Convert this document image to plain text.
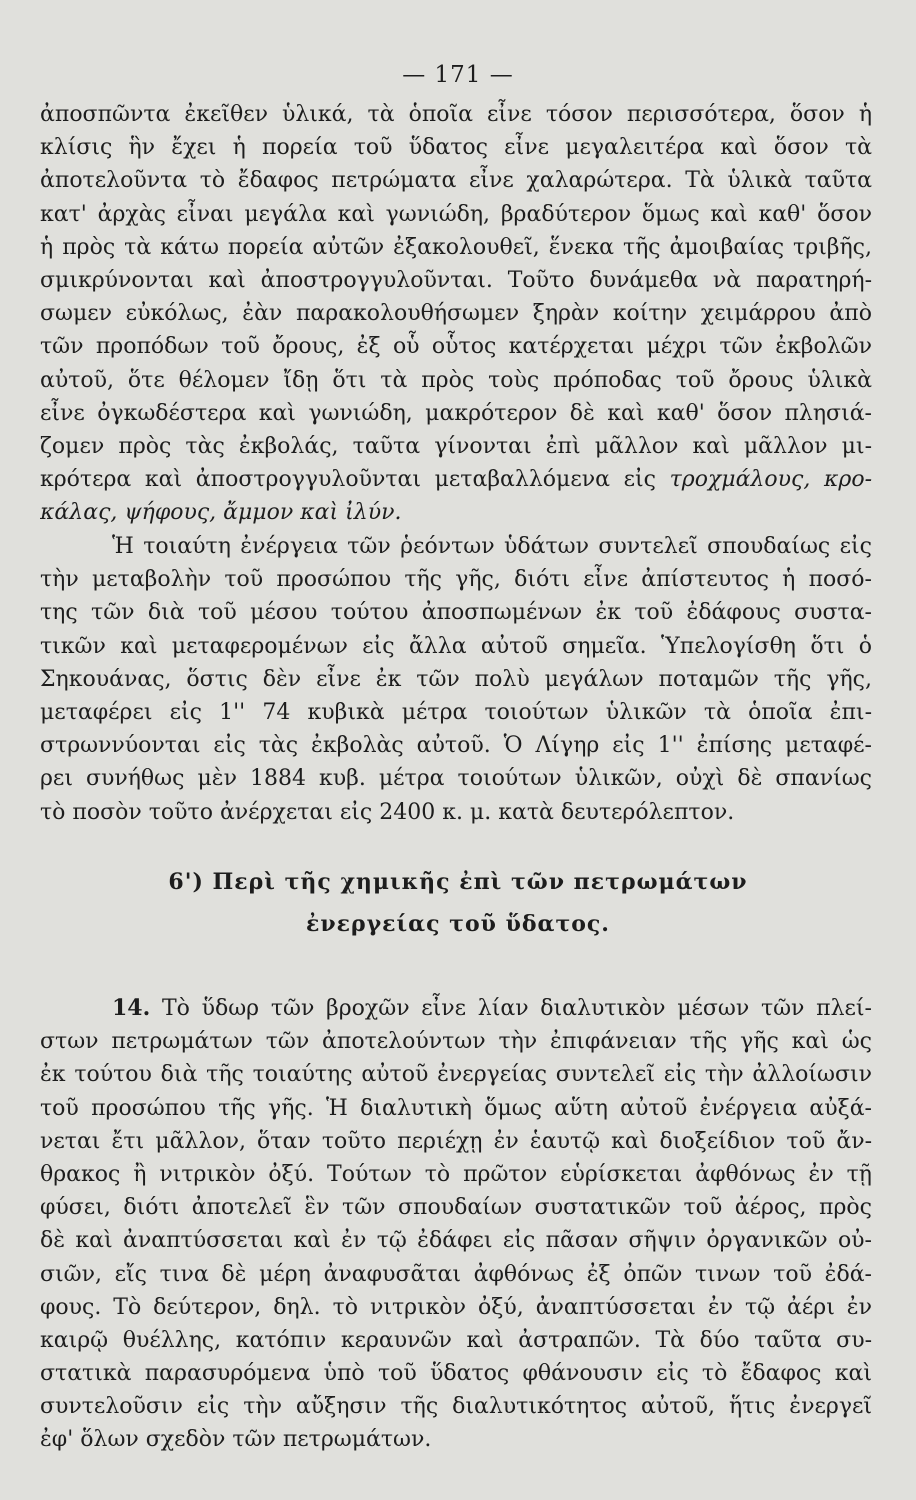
— 171 —
ἀποσπῶντα ἐκεῖθεν ὑλικά, τὰ ὁποῖα εἶνε τόσον περισσότερα, ὅσον ἡ
κλίσις ἣν ἔχει ἡ πορεία τοῦ ὕδατος εἶνε μεγαλειτέρα καὶ ὅσον τὰ
ἀποτελοῦντα τὸ ἔδαφος πετρώματα εἶνε χαλαρώτερα. Τὰ ὑλικὰ ταῦτα
κατ' ἀρχὰς εἶναι μεγάλα καὶ γωνιώδη, βραδύτερον ὅμως καὶ καθ' ὅσον
ἡ πρὸς τὰ κάτω πορεία αὐτῶν ἐξακολουθεῖ, ἕνεκα τῆς ἀμοιβαίας τριβῆς,
σμικρύνονται καὶ ἀποστρογγυλοῦνται. Τοῦτο δυνάμεθα νὰ παρατηρή-
σωμεν εὐκόλως, ἐὰν παρακολουθήσωμεν ξηρὰν κοίτην χειμάρρου ἀπὸ
τῶν προπόδων τοῦ ὄρους, ἐξ οὗ οὗτος κατέρχεται μέχρι τῶν ἐκβολῶν
αὐτοῦ, ὅτε θέλομεν ἴδῃ ὅτι τὰ πρὸς τοὺς πρόποδας τοῦ ὄρους ὑλικὰ
εἶνε ὀγκωδέστερα καὶ γωνιώδη, μακρότερον δὲ καὶ καθ' ὅσον πλησιά-
ζομεν πρὸς τὰς ἐκβολάς, ταῦτα γίνονται ἐπὶ μᾶλλον καὶ μᾶλλον μι-
κρότερα καὶ ἀποστρογγυλοῦνται μεταβαλλόμενα εἰς τροχμάλους, κρο-
κάλας, ψήφους, ἄμμον καὶ ἰλύν.
Ἡ τοιαύτη ἐνέργεια τῶν ῥεόντων ὑδάτων συντελεῖ σπουδαίως εἰς
τὴν μεταβολὴν τοῦ προσώπου τῆς γῆς, διότι εἶνε ἀπίστευτος ἡ ποσό-
της τῶν διὰ τοῦ μέσου τούτου ἀποσπωμένων ἐκ τοῦ ἐδάφους συστα-
τικῶν καὶ μεταφερομένων εἰς ἄλλα αὐτοῦ σημεῖα. Ὑπελογίσθη ὅτι ὁ
Σηκουάνας, ὅστις δὲν εἶνε ἐκ τῶν πολὺ μεγάλων ποταμῶν τῆς γῆς,
μεταφέρει εἰς 1'' 74 κυβικὰ μέτρα τοιούτων ὑλικῶν τὰ ὁποῖα ἐπι-
στρωννύονται εἰς τὰς ἐκβολὰς αὐτοῦ. Ὁ Λίγηρ εἰς 1'' ἐπίσης μεταφέ-
ρει συνήθως μὲν 1884 κυβ. μέτρα τοιούτων ὑλικῶν, οὐχὶ δὲ σπανίως
τὸ ποσὸν τοῦτο ἀνέρχεται εἰς 2400 κ. μ. κατὰ δευτερόλεπτον.
6') Περὶ τῆς χημικῆς ἐπὶ τῶν πετρωμάτων
ἐνεργείας τοῦ ὕδατος.
14. Τὸ ὕδωρ τῶν βροχῶν εἶνε λίαν διαλυτικὸν μέσων τῶν πλεί-
στων πετρωμάτων τῶν ἀποτελούντων τὴν ἐπιφάνειαν τῆς γῆς καὶ ὡς
ἐκ τούτου διὰ τῆς τοιαύτης αὐτοῦ ἐνεργείας συντελεῖ εἰς τὴν ἀλλοίωσιν
τοῦ προσώπου τῆς γῆς. Ἡ διαλυτικὴ ὅμως αὕτη αὐτοῦ ἐνέργεια αὐξά-
νεται ἔτι μᾶλλον, ὅταν τοῦτο περιέχῃ ἐν ἑαυτῷ καὶ διοξείδιον τοῦ ἄν-
θρακος ἢ νιτρικὸν ὀξύ. Τούτων τὸ πρῶτον εὑρίσκεται ἀφθόνως ἐν τῇ
φύσει, διότι ἀποτελεῖ ἓν τῶν σπουδαίων συστατικῶν τοῦ ἀέρος, πρὸς
δὲ καὶ ἀναπτύσσεται καὶ ἐν τῷ ἐδάφει εἰς πᾶσαν σῆψιν ὀργανικῶν οὐ-
σιῶν, εἴς τινα δὲ μέρη ἀναφυσᾶται ἀφθόνως ἐξ ὀπῶν τινων τοῦ ἐδά-
φους. Τὸ δεύτερον, δηλ. τὸ νιτρικὸν ὀξύ, ἀναπτύσσεται ἐν τῷ ἀέρι ἐν
καιρῷ θυέλλης, κατόπιν κεραυνῶν καὶ ἀστραπῶν. Τὰ δύο ταῦτα συ-
στατικὰ παρασυρόμενα ὑπὸ τοῦ ὕδατος φθάνουσιν εἰς τὸ ἔδαφος καὶ
συντελοῦσιν εἰς τὴν αὔξησιν τῆς διαλυτικότητος αὐτοῦ, ἥτις ἐνεργεῖ
ἐφ' ὅλων σχεδὸν τῶν πετρωμάτων.
